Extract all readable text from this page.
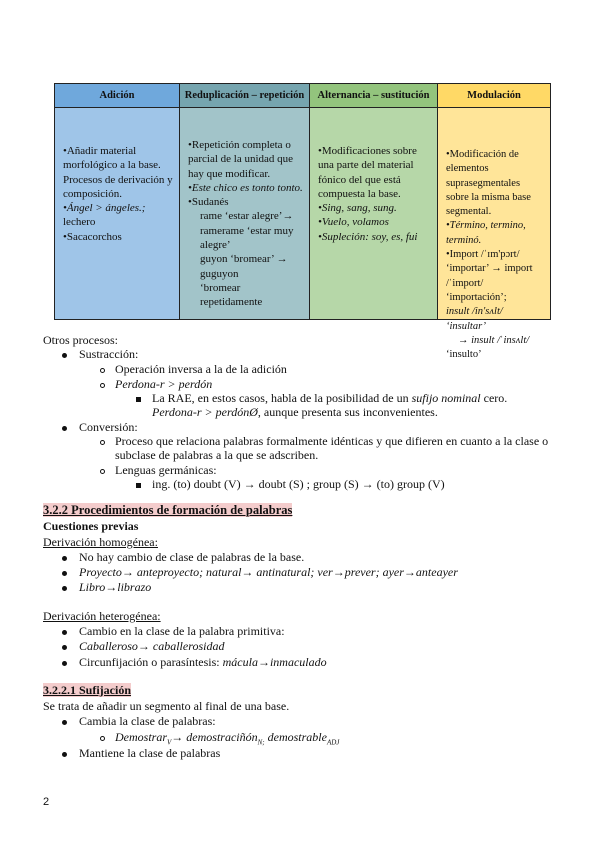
Adición

•Añadir material morfológico a la base. Procesos de derivación y composición.

•Ángel > ángeles.;

lechero

•Sacacorchos

Reduplicación – repetición

•Repetición completa o parcial de la unidad que hay que modificar.

•Este chico es tonto tonto.

•Sudanés

rame ‘estar alegre’→

ramerame ‘estar muy alegre’

guyon ‘bromear’ → guguyon

‘bromear repetidamente

Alternancia – sustitución

•Modificaciones sobre una parte del material fónico del que está compuesta la base.

•Sing, sang, sung.

•Vuelo, volamos

•Supleción: soy, es, fui

Modulación

•Modificación de elementos suprasegmentales sobre la misma base segmental.

•Término, termino, terminó.

•Import /ˈɪm'pɔrt/

‘importar’ → import

/ˈimport/ ‘importación’;

insult /in'sʌlt/ ‘insultar’

→ insult /ˈinsʌlt/

‘insulto’

Otros procesos:
Sustracción:
Operación inversa a la de la adición
Perdona-r > perdón
La RAE, en estos casos, habla de la posibilidad de un sufijo nominal cero.
Perdona-r > perdónØ, aunque presenta sus inconvenientes.
Conversión:
Proceso que relaciona palabras formalmente idénticas y que difieren en cuanto a la clase o
subclase de palabras a la que se adscriben.
Lenguas germánicas:
ing. (to) doubt (V) → doubt (S) ; group (S) → (to) group (V)
3.2.2 Procedimientos de formación de palabras
Cuestiones previas
Derivación homogénea:
No hay cambio de clase de palabras de la base.
Proyecto→ anteproyecto; natural→ antinatural; ver→prever; ayer→anteayer
Libro→librazo
Derivación heterogénea:
Cambio en la clase de la palabra primitiva:
Caballeroso→ caballerosidad
Circunfijación o parasíntesis: mácula→inmaculado
3.2.2.1 Sufijación
Se trata de añadir un segmento al final de una base.
Cambia la clase de palabras:
Demostrar$_V$→ demostraciñón$_{N;}$ demostrable$_{ADJ}$
Mantiene la clase de palabras
2
